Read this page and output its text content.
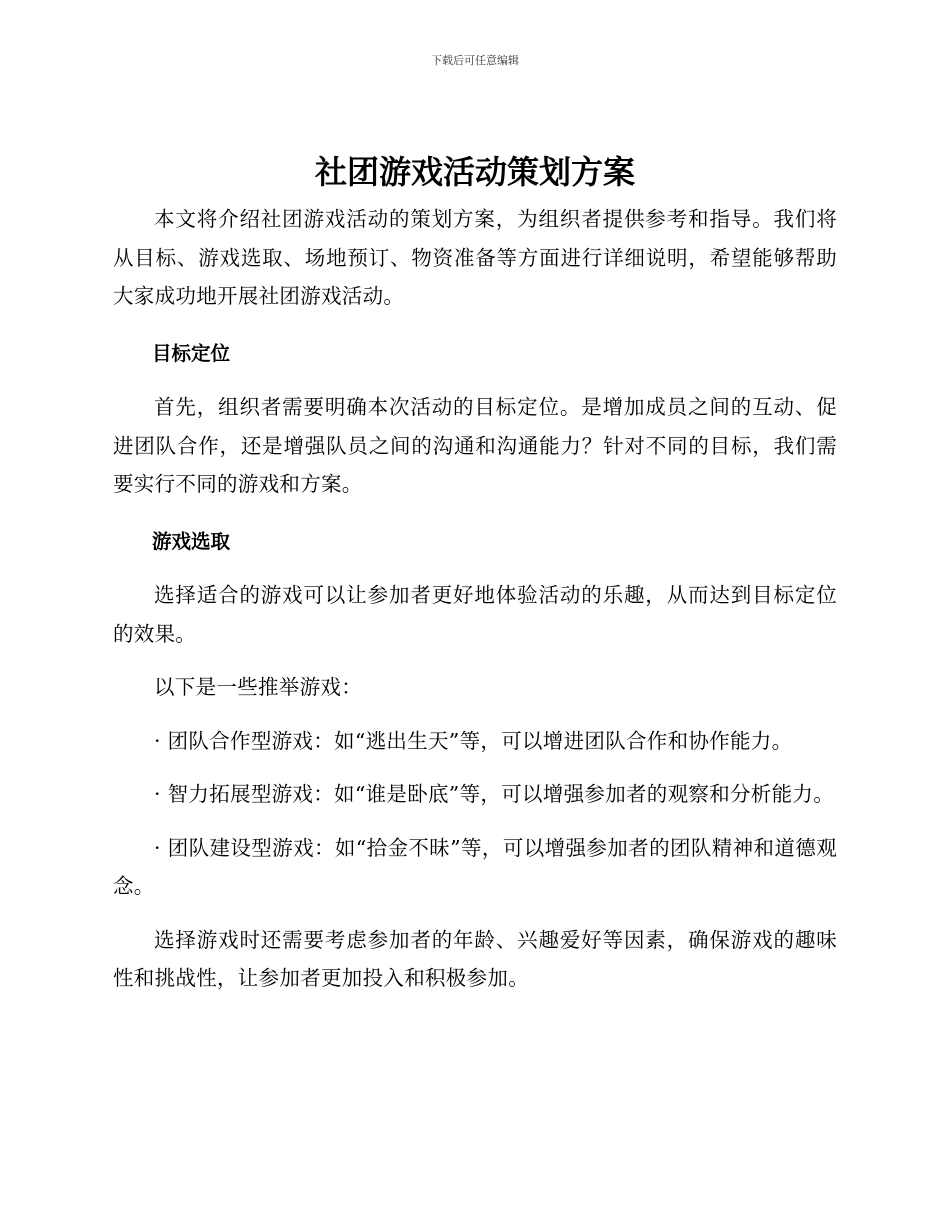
下载后可任意编辑
社团游戏活动策划方案

本文将介绍社团游戏活动的策划方案，为组织者提供参考和指导。我们将从目标、游戏选取、场地预订、物资准备等方面进行详细说明，希望能够帮助大家成功地开展社团游戏活动。

目标定位

首先，组织者需要明确本次活动的目标定位。是增加成员之间的互动、促进团队合作，还是增强队员之间的沟通和沟通能力？针对不同的目标，我们需要实行不同的游戏和方案。

游戏选取

选择适合的游戏可以让参加者更好地体验活动的乐趣，从而达到目标定位的效果。

以下是一些推举游戏：

· 团队合作型游戏：如“逃出生天”等，可以增进团队合作和协作能力。

· 智力拓展型游戏：如“谁是卧底”等，可以增强参加者的观察和分析能力。

· 团队建设型游戏：如“拾金不昧”等，可以增强参加者的团队精神和道德观念。

选择游戏时还需要考虑参加者的年龄、兴趣爱好等因素，确保游戏的趣味性和挑战性，让参加者更加投入和积极参加。
